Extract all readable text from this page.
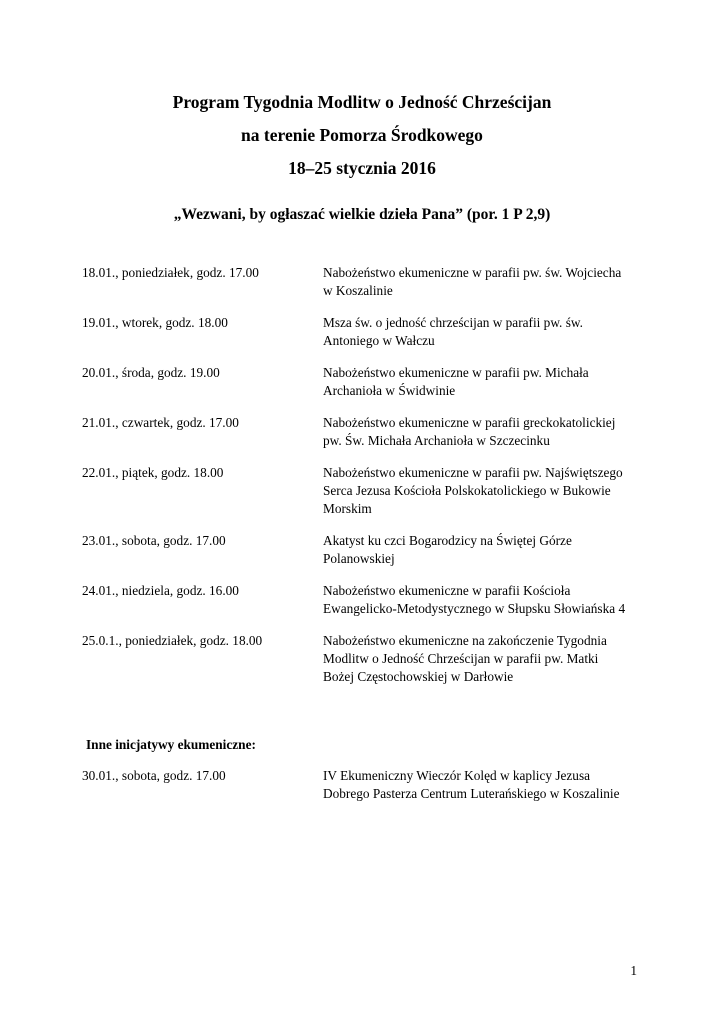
Program Tygodnia Modlitw o Jedność Chrześcijan
na terenie Pomorza Środkowego
18–25 stycznia 2016
„Wezwani, by ogłaszać wielkie dzieła Pana” (por. 1 P 2,9)
18.01., poniedziałek, godz. 17.00	Nabożeństwo ekumeniczne w parafii pw. św. Wojciecha
w Koszalinie
19.01., wtorek, godz. 18.00	Msza św. o jedność chrześcijan w parafii pw. św.
Antoniego w Wałczu
20.01., środa, godz. 19.00	Nabożeństwo ekumeniczne w parafii pw. Michała
Archanioła w Świdwinie
21.01., czwartek, godz. 17.00	Nabożeństwo ekumeniczne w parafii greckokatolickiej
pw. Św. Michała Archanioła w Szczecinku
22.01., piątek, godz. 18.00	Nabożeństwo ekumeniczne w parafii pw. Najświętszego
Serca Jezusa Kościoła Polskokatolickiego w Bukowie
Morskim
23.01., sobota, godz. 17.00	Akatyst ku czci Bogarodzicy na Świętej Górze
Polanowskiej
24.01., niedziela, godz. 16.00	Nabożeństwo ekumeniczne w parafii Kościoła
Ewangelicko-Metodystycznego w Słupsku Słowiańska 4
25.0.1., poniedziałek, godz. 18.00	Nabożeństwo ekumeniczne na zakończenie Tygodnia
Modlitw o Jedność Chrześcijan w parafii pw. Matki
Bożej Częstochowskiej w Darłowie
Inne inicjatywy ekumeniczne:
30.01., sobota, godz. 17.00	IV Ekumeniczny Wieczór Kolęd w kaplicy Jezusa
Dobrego Pasterza Centrum Luterańskiego w Koszalinie
1
